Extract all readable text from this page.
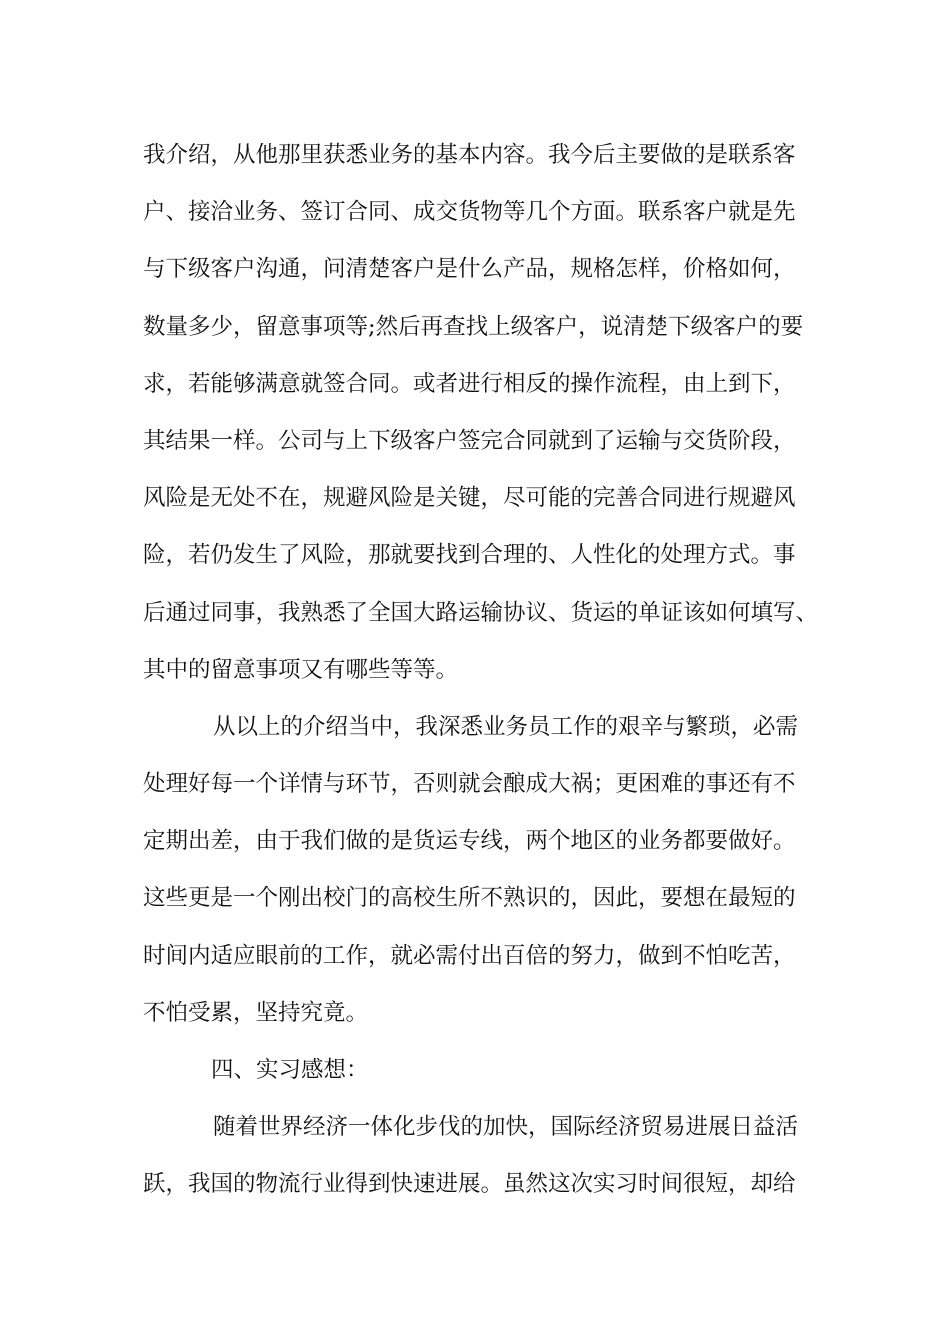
我介绍，从他那里获悉业务的基本内容。我今后主要做的是联系客
户、接洽业务、签订合同、成交货物等几个方面。联系客户就是先
与下级客户沟通，问清楚客户是什么产品，规格怎样，价格如何，
数量多少，留意事项等;然后再查找上级客户，说清楚下级客户的要
求，若能够满意就签合同。或者进行相反的操作流程，由上到下，
其结果一样。公司与上下级客户签完合同就到了运输与交货阶段，
风险是无处不在，规避风险是关键，尽可能的完善合同进行规避风
险，若仍发生了风险，那就要找到合理的、人性化的处理方式。事
后通过同事，我熟悉了全国大路运输协议、货运的单证该如何填写、
其中的留意事项又有哪些等等。
从以上的介绍当中，我深悉业务员工作的艰辛与繁琐，必需
处理好每一个详情与环节，否则就会酿成大祸；更困难的事还有不
定期出差，由于我们做的是货运专线，两个地区的业务都要做好。
这些更是一个刚出校门的高校生所不熟识的，因此，要想在最短的
时间内适应眼前的工作，就必需付出百倍的努力，做到不怕吃苦，
不怕受累，坚持究竟。
四、实习感想：
随着世界经济一体化步伐的加快，国际经济贸易进展日益活
跃，我国的物流行业得到快速进展。虽然这次实习时间很短，却给
